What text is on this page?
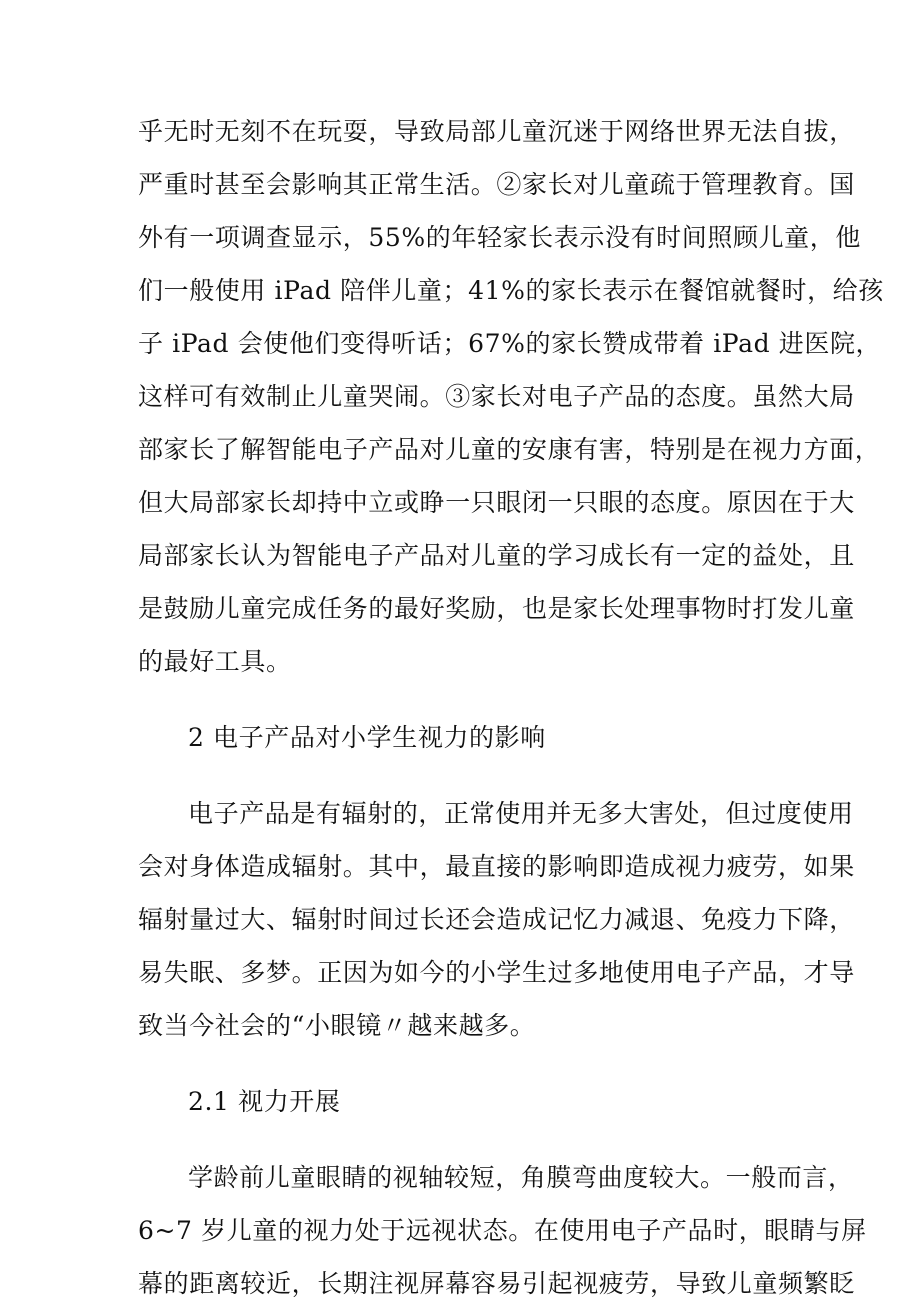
乎无时无刻不在玩耍，导致局部儿童沉迷于网络世界无法自拔，
严重时甚至会影响其正常生活。②家长对儿童疏于管理教育。国
外有一项调查显示，55%的年轻家长表示没有时间照顾儿童，他
们一般使用 iPad 陪伴儿童；41%的家长表示在餐馆就餐时，给孩
子 iPad 会使他们变得听话；67%的家长赞成带着 iPad 进医院，
这样可有效制止儿童哭闹。③家长对电子产品的态度。虽然大局
部家长了解智能电子产品对儿童的安康有害，特别是在视力方面，
但大局部家长却持中立或睁一只眼闭一只眼的态度。原因在于大
局部家长认为智能电子产品对儿童的学习成长有一定的益处，且
是鼓励儿童完成任务的最好奖励，也是家长处理事物时打发儿童
的最好工具。
2 电子产品对小学生视力的影响
电子产品是有辐射的，正常使用并无多大害处，但过度使用
会对身体造成辐射。其中，最直接的影响即造成视力疲劳，如果
辐射量过大、辐射时间过长还会造成记忆力减退、免疫力下降，
易失眠、多梦。正因为如今的小学生过多地使用电子产品，才导
致当今社会的“小眼镜〃越来越多。
2.1 视力开展
学龄前儿童眼睛的视轴较短，角膜弯曲度较大。一般而言，
6~7 岁儿童的视力处于远视状态。在使用电子产品时，眼睛与屏
幕的距离较近，长期注视屏幕容易引起视疲劳，导致儿童频繁眨
